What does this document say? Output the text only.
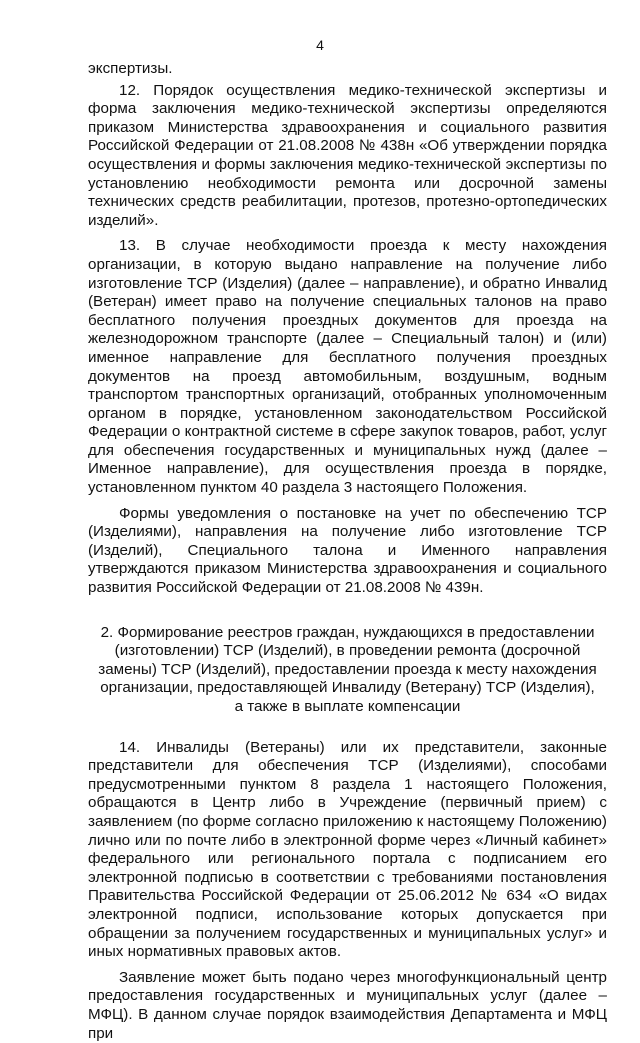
4

экспертизы.

12. Порядок осуществления медико-технической экспертизы и форма заключения медико-технической экспертизы определяются приказом Министерства здравоохранения и социального развития Российской Федерации от 21.08.2008 № 438н «Об утверждении порядка осуществления и формы заключения медико-технической экспертизы по установлению необходимости ремонта или досрочной замены технических средств реабилитации, протезов, протезно-ортопедических изделий».

13. В случае необходимости проезда к месту нахождения организации, в которую выдано направление на получение либо изготовление ТСР (Изделия) (далее – направление), и обратно Инвалид (Ветеран) имеет право на получение специальных талонов на право бесплатного получения проездных документов для проезда на железнодорожном транспорте (далее – Специальный талон) и (или) именное направление для бесплатного получения проездных документов на проезд автомобильным, воздушным, водным транспортом транспортных организаций, отобранных уполномоченным органом в порядке, установленном законодательством Российской Федерации о контрактной системе в сфере закупок товаров, работ, услуг для обеспечения государственных и муниципальных нужд (далее – Именное направление), для осуществления проезда в порядке, установленном пунктом 40 раздела 3 настоящего Положения.

Формы уведомления о постановке на учет по обеспечению ТСР (Изделиями), направления на получение либо изготовление ТСР (Изделий), Специального талона и Именного направления утверждаются приказом Министерства здравоохранения и социального развития Российской Федерации от 21.08.2008 № 439н.

2. Формирование реестров граждан, нуждающихся в предоставлении (изготовлении) ТСР (Изделий), в проведении ремонта (досрочной замены) ТСР (Изделий), предоставлении проезда к месту нахождения организации, предоставляющей Инвалиду (Ветерану) ТСР (Изделия), а также в выплате компенсации

14. Инвалиды (Ветераны) или их представители, законные представители для обеспечения ТСР (Изделиями), способами предусмотренными пунктом 8 раздела 1 настоящего Положения, обращаются в Центр либо в Учреждение (первичный прием) с заявлением (по форме согласно приложению к настоящему Положению) лично или по почте либо в электронной форме через «Личный кабинет» федерального или регионального портала с подписанием его электронной подписью в соответствии с требованиями постановления Правительства Российской Федерации от 25.06.2012 № 634 «О видах электронной подписи, использование которых допускается при обращении за получением государственных и муниципальных услуг» и иных нормативных правовых актов.

Заявление может быть подано через многофункциональный центр предоставления государственных и муниципальных услуг (далее – МФЦ). В данном случае порядок взаимодействия Департамента и МФЦ при
